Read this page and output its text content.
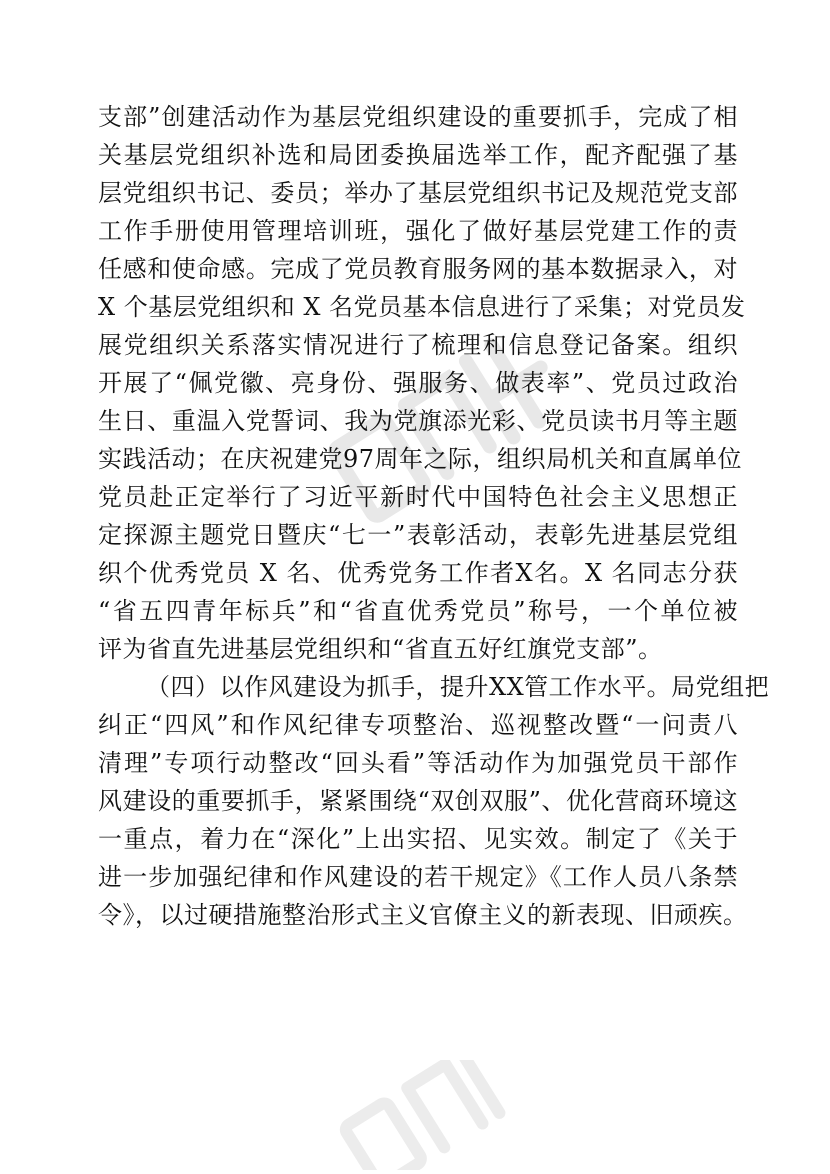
支部”创建活动作为基层党组织建设的重要抓手，完成了相
关基层党组织补选和局团委换届选举工作，配齐配强了基
层党组织书记、委员；举办了基层党组织书记及规范党支部
工作手册使用管理培训班，强化了做好基层党建工作的责
任感和使命感。完成了党员教育服务网的基本数据录入，对
X 个基层党组织和 X 名党员基本信息进行了采集；对党员发
展党组织关系落实情况进行了梳理和信息登记备案。组织
开展了“佩党徽、亮身份、强服务、做表率”、党员过政治
生日、重温入党誓词、我为党旗添光彩、党员读书月等主题
实践活动；在庆祝建党97周年之际，组织局机关和直属单位
党员赴正定举行了习近平新时代中国特色社会主义思想正
定探源主题党日暨庆“七一”表彰活动，表彰先进基层党组
织个优秀党员 X 名、优秀党务工作者X名。X 名同志分获
“省五四青年标兵”和“省直优秀党员”称号，一个单位被
评为省直先进基层党组织和“省直五好红旗党支部”。
（四）以作风建设为抓手，提升XX管工作水平。局党组把
纠正“四风”和作风纪律专项整治、巡视整改暨“一问责八
清理”专项行动整改“回头看”等活动作为加强党员干部作
风建设的重要抓手，紧紧围绕“双创双服”、优化营商环境这
一重点，着力在“深化”上出实招、见实效。制定了《关于
进一步加强纪律和作风建设的若干规定》《工作人员八条禁
令》，以过硬措施整治形式主义官僚主义的新表现、旧顽疾。
